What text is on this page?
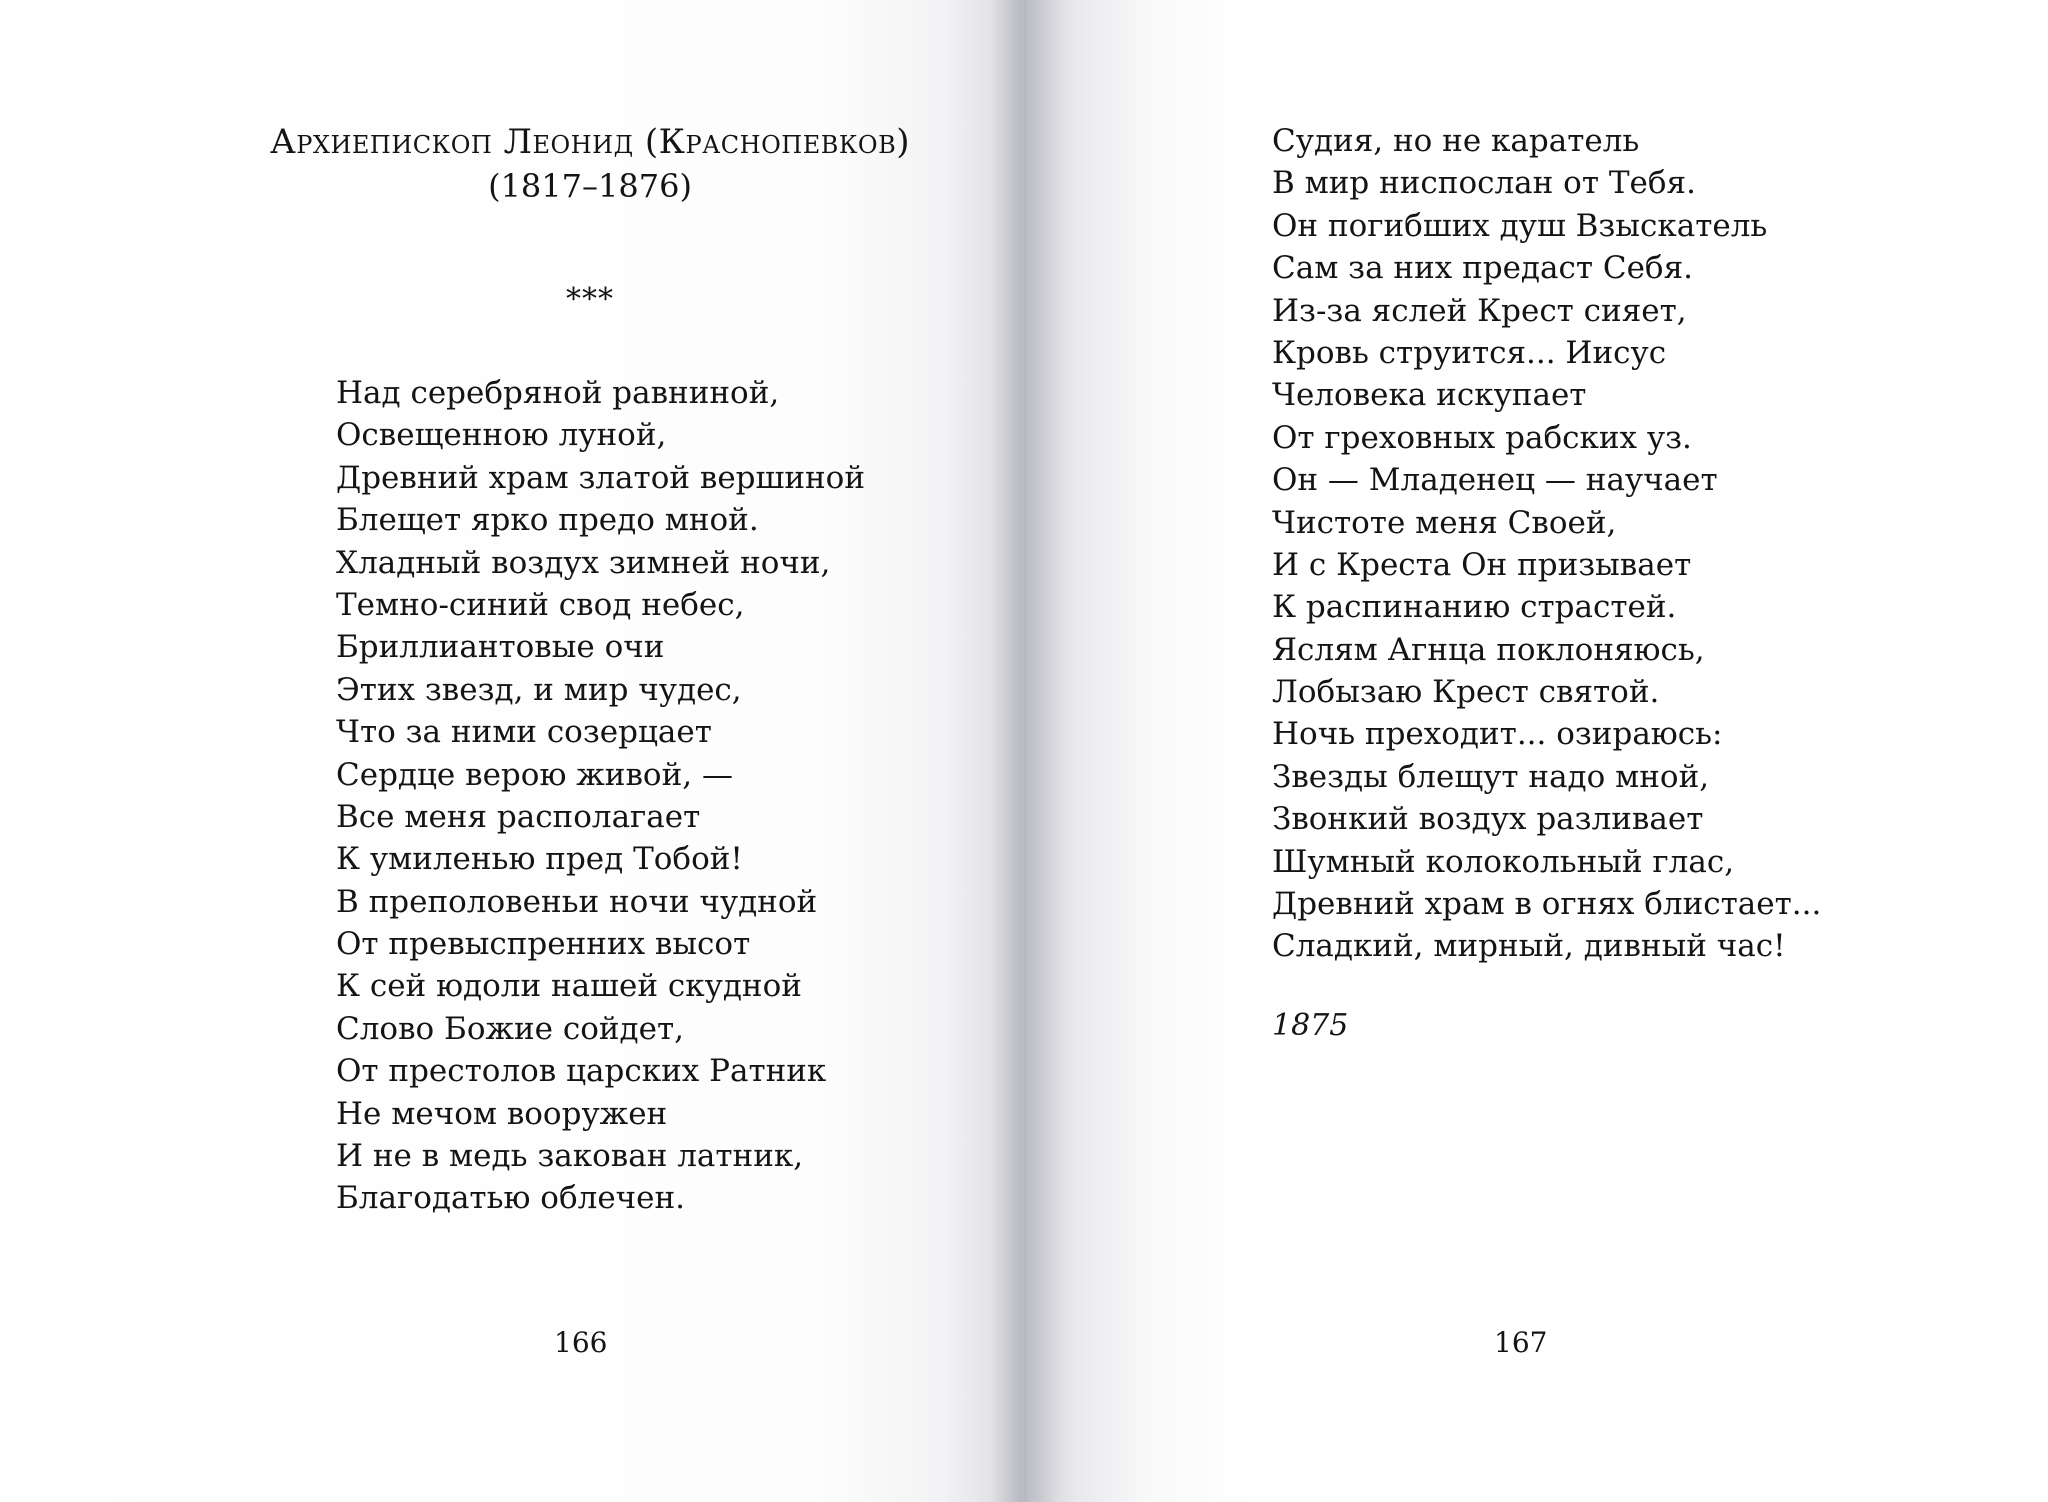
Архиепископ Леонид (Краснопевков)
(1817–1876)
***
Над серебряной равниной,
Освещенною луной,
Древний храм златой вершиной
Блещет ярко предо мной.
Хладный воздух зимней ночи,
Темно-синий свод небес,
Бриллиантовые очи
Этих звезд, и мир чудес,
Что за ними созерцает
Сердце верою живой, —
Все меня располагает
К умиленью пред Тобой!
В преполовеньи ночи чудной
От превыспренних высот
К сей юдоли нашей скудной
Слово Божие сойдет,
От престолов царских Ратник
Не мечом вооружен
И не в медь закован латник,
Благодатью облечен.
166
Судия, но не каратель
В мир ниспослан от Тебя.
Он погибших душ Взыскатель
Сам за них предаст Себя.
Из-за яслей Крест сияет,
Кровь струится... Иисус
Человека искупает
От греховных рабских уз.
Он — Младенец — научает
Чистоте меня Своей,
И с Креста Он призывает
К распинанию страстей.
Яслям Агнца поклоняюсь,
Лобызаю Крест святой.
Ночь преходит... озираюсь:
Звезды блещут надо мной,
Звонкий воздух разливает
Шумный колокольный глас,
Древний храм в огнях блистает...
Сладкий, мирный, дивный час!
1875
167
